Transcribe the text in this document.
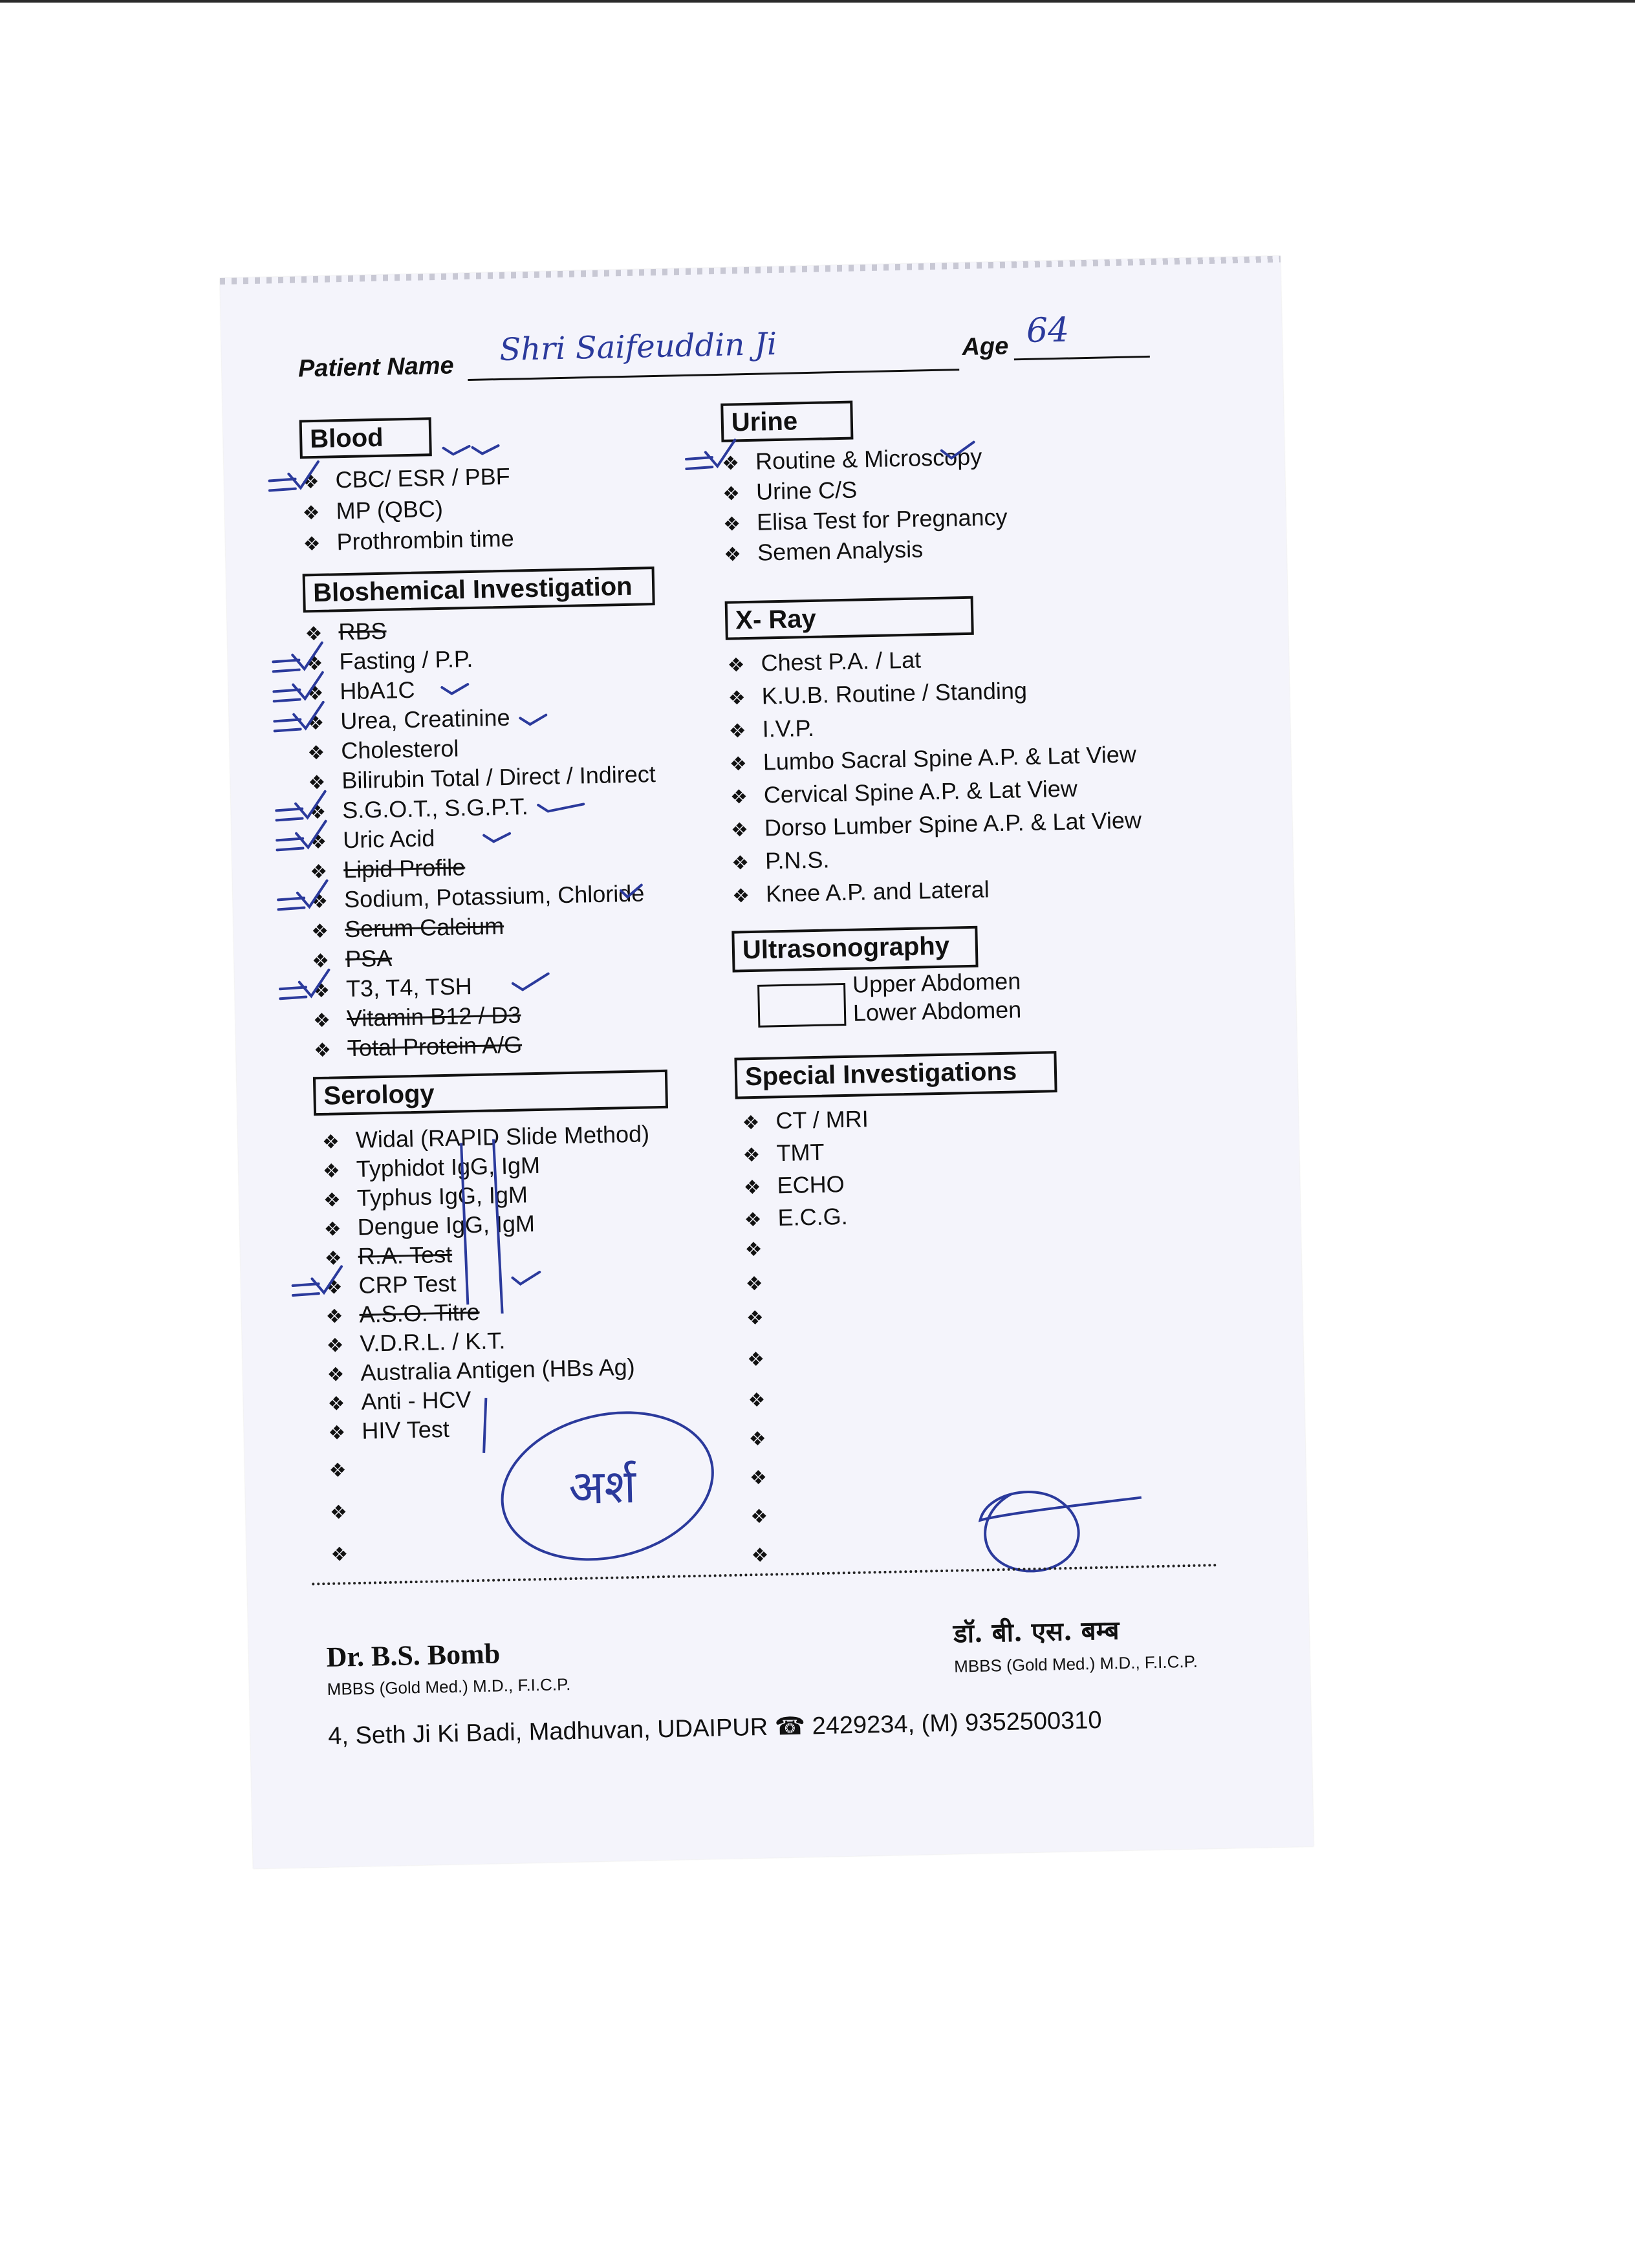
Patient Name Shri Saifeuddin Ji	Age 64
Blood
❖ CBC/ ESR / PBF
❖ MP (QBC)
❖ Prothrombin time
Bloshemical Investigation
❖ RBS
❖ Fasting / P.P.
❖ HbA1C
❖ Urea, Creatinine
❖ Cholesterol
❖ Bilirubin Total / Direct / Indirect
❖ S.G.O.T., S.G.P.T.
❖ Uric Acid
❖ Lipid Profile
❖ Sodium, Potassium, Chloride
❖ Serum Calcium
❖ PSA
❖ T3, T4, TSH
❖ Vitamin B12 / D3
❖ Total Protein A/G
Serology
❖ Widal (RAPID Slide Method)
❖ Typhidot IgG, IgM
❖ Typhus IgG, IgM
❖ Dengue IgG, IgM
❖ R.A. Test
❖ CRP Test
❖ A.S.O. Titre
❖ V.D.R.L. / K.T.
❖ Australia Antigen (HBs Ag)
❖ Anti - HCV
❖ HIV Test
❖
❖
❖
Urine
❖ Routine & Microscopy
❖ Urine C/S
❖ Elisa Test for Pregnancy
❖ Semen Analysis
X- Ray
❖ Chest P.A. / Lat
❖ K.U.B. Routine / Standing
❖ I.V.P.
❖ Lumbo Sacral Spine A.P. & Lat View
❖ Cervical Spine A.P. & Lat View
❖ Dorso Lumber Spine A.P. & Lat View
❖ P.N.S.
❖ Knee A.P. and Lateral
Ultrasonography
Upper Abdomen
Lower Abdomen
Special Investigations
❖ CT / MRI
❖ TMT
❖ ECHO
❖ E.C.G.
❖
❖
❖
❖
❖
❖
❖
❖
❖
अर्श
Dr. B.S. Bomb
MBBS (Gold Med.) M.D., F.I.C.P.
डॉ. बी. एस. बम्ब
MBBS (Gold Med.) M.D., F.I.C.P.
4, Seth Ji Ki Badi, Madhuvan, UDAIPUR ☎ 2429234, (M) 9352500310
